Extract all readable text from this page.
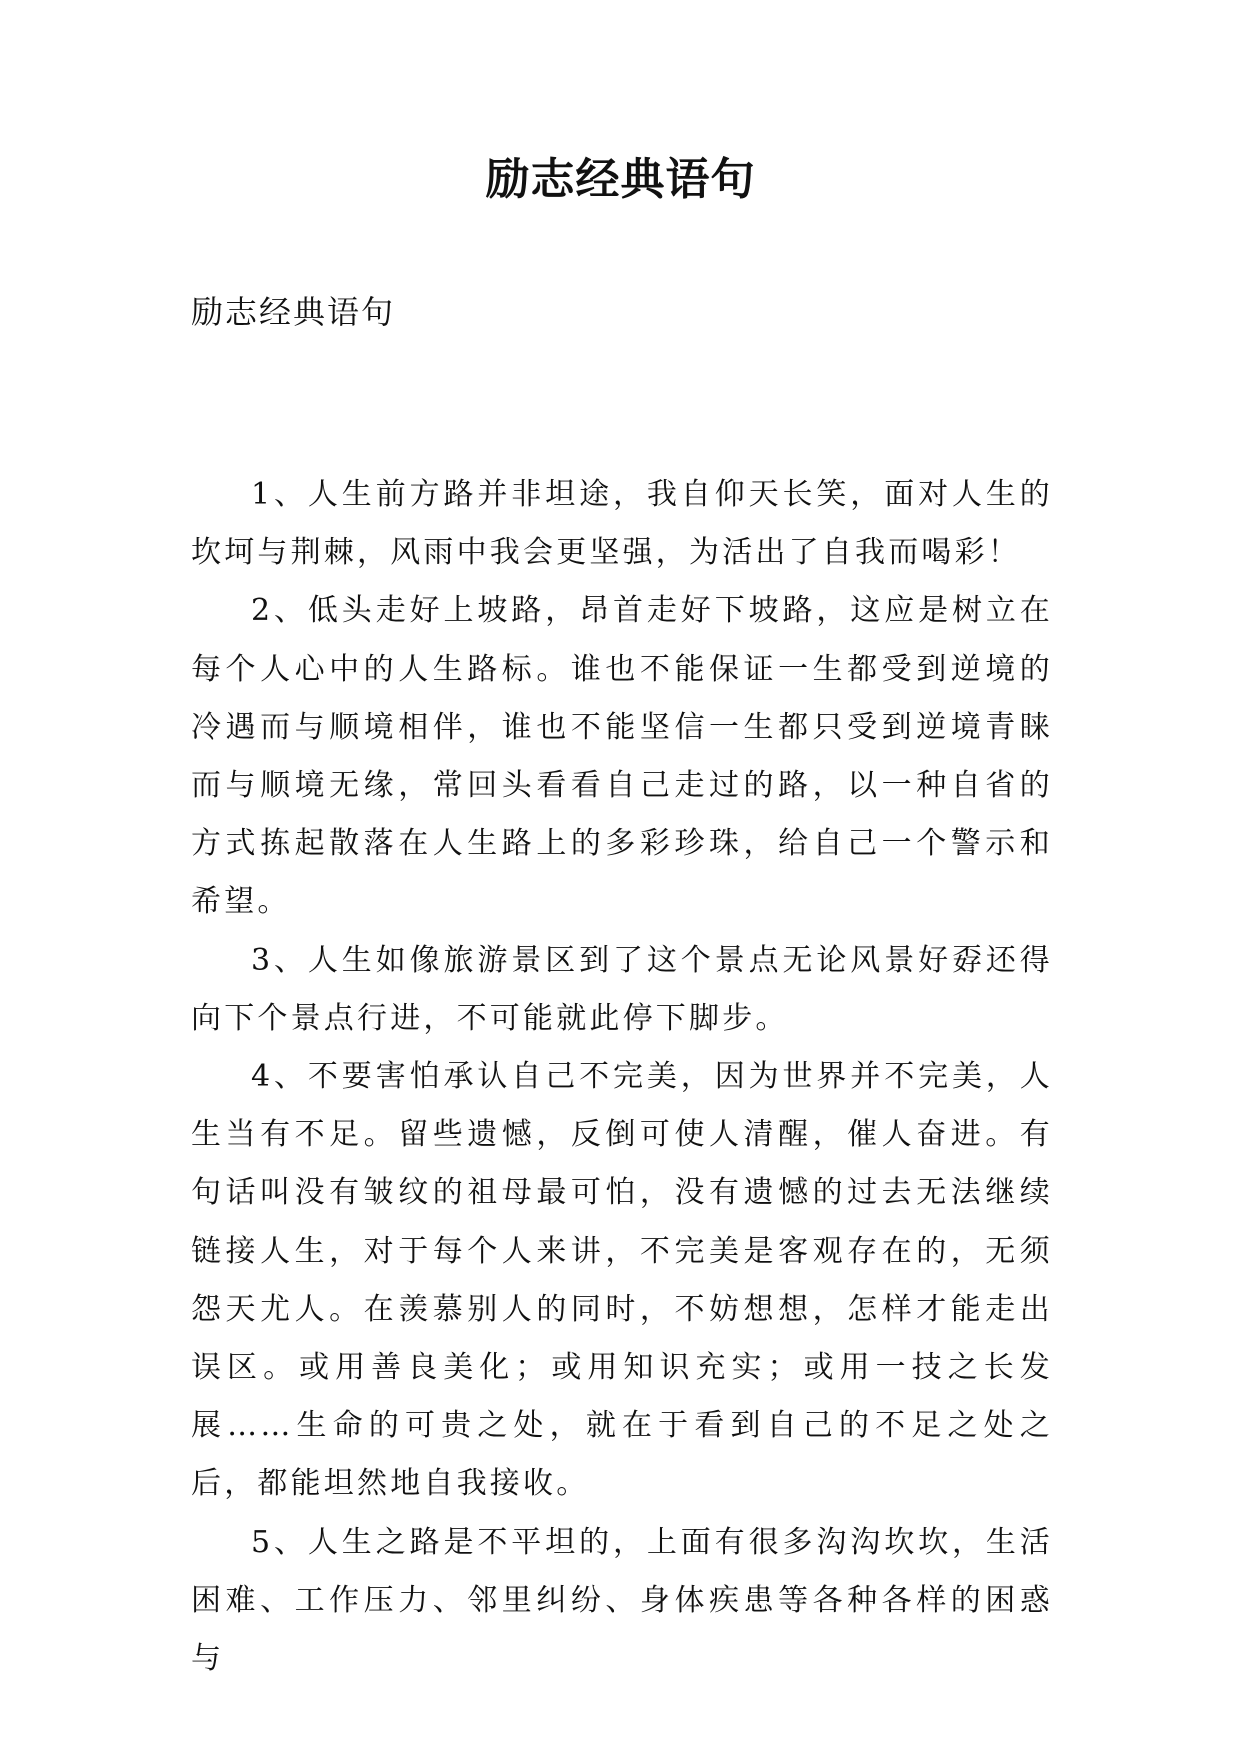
励志经典语句
励志经典语句

1、人生前方路并非坦途，我自仰天长笑，面对人生的坎坷与荆棘，风雨中我会更坚强，为活出了自我而喝彩！

2、低头走好上坡路，昂首走好下坡路，这应是树立在每个人心中的人生路标。谁也不能保证一生都受到逆境的冷遇而与顺境相伴，谁也不能坚信一生都只受到逆境青睐而与顺境无缘，常回头看看自己走过的路，以一种自省的方式拣起散落在人生路上的多彩珍珠，给自己一个警示和希望。

3、人生如像旅游景区到了这个景点无论风景好孬还得向下个景点行进，不可能就此停下脚步。

4、不要害怕承认自己不完美，因为世界并不完美，人生当有不足。留些遗憾，反倒可使人清醒，催人奋进。有句话叫没有皱纹的祖母最可怕，没有遗憾的过去无法继续链接人生，对于每个人来讲，不完美是客观存在的，无须怨天尤人。在羡慕别人的同时，不妨想想，怎样才能走出误区。或用善良美化；或用知识充实；或用一技之长发展……生命的可贵之处，就在于看到自己的不足之处之后，都能坦然地自我接收。

5、人生之路是不平坦的，上面有很多沟沟坎坎，生活困难、工作压力、邻里纠纷、身体疾患等各种各样的困惑与
